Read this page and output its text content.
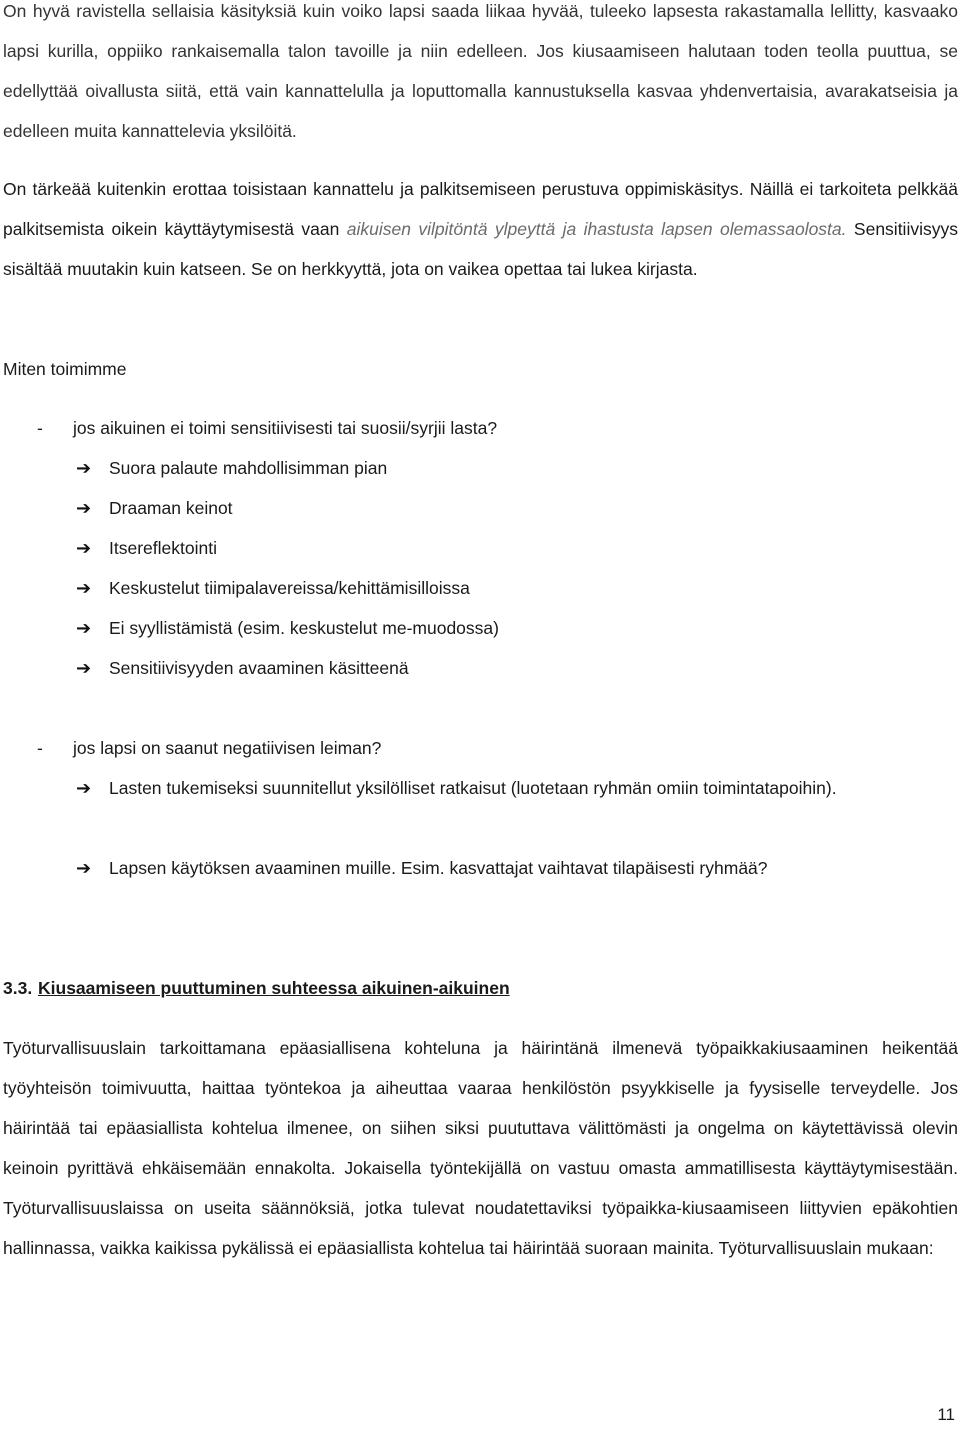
On hyvä ravistella sellaisia käsityksiä kuin voiko lapsi saada liikaa hyvää, tuleeko lapsesta rakastamalla lellitty, kasvaako lapsi kurilla, oppiiko rankaisemalla talon tavoille ja niin edelleen. Jos kiusaamiseen halutaan toden teolla puuttua, se edellyttää oivallusta siitä, että vain kannattelulla ja loputtomalla kannustuksella kasvaa yhdenvertaisia, avarakatseisia ja edelleen muita kannattelevia yksilöitä.

On tärkeää kuitenkin erottaa toisistaan kannattelu ja palkitsemiseen perustuva oppimiskäsitys. Näillä ei tarkoiteta pelkkää palkitsemista oikein käyttäytymisestä vaan aikuisen vilpitöntä ylpeyttä ja ihastusta lapsen olemassaolosta. Sensitiivisyys sisältää muutakin kuin katseen. Se on herkkyyttä, jota on vaikea opettaa tai lukea kirjasta.

Miten toimimme

- jos aikuinen ei toimi sensitiivisesti tai suosii/syrjii lasta?
➔	Suora palaute mahdollisimman pian
➔	Draaman keinot
➔	Itsereflektointi
➔	Keskustelut tiimipalavereissa/kehittämisilloissa
➔	Ei syyllistämistä (esim. keskustelut me-muodossa)
➔	Sensitiivisyyden avaaminen käsitteenä
- jos lapsi on saanut negatiivisen leiman?
➔	Lasten tukemiseksi suunnitellut yksilölliset ratkaisut (luotetaan ryhmän omiin toimintatapoihin).
➔	Lapsen käytöksen avaaminen muille. Esim. kasvattajat vaihtavat tilapäisesti ryhmää?
3.3. Kiusaamiseen puuttuminen suhteessa aikuinen-aikuinen

Työturvallisuuslain tarkoittamana epäasiallisena kohteluna ja häirintänä ilmenevä työpaikkakiusaaminen heikentää työyhteisön toimivuutta, haittaa työntekoa ja aiheuttaa vaaraa henkilöstön psyykkiselle ja fyysiselle terveydelle. Jos häirintää tai epäasiallista kohtelua ilmenee, on siihen siksi puututtava välittömästi ja ongelma on käytettävissä olevin keinoin pyrittävä ehkäisemään ennakolta. Jokaisella työntekijällä on vastuu omasta ammatillisesta käyttäytymisestään. Työturvallisuuslaissa on useita säännöksiä, jotka tulevat noudatettaviksi työpaikka-kiusaamiseen liittyvien epäkohtien hallinnassa, vaikka kaikissa pykälissä ei epäasiallista kohtelua tai häirintää suoraan mainita. Työturvallisuuslain mukaan:

11
